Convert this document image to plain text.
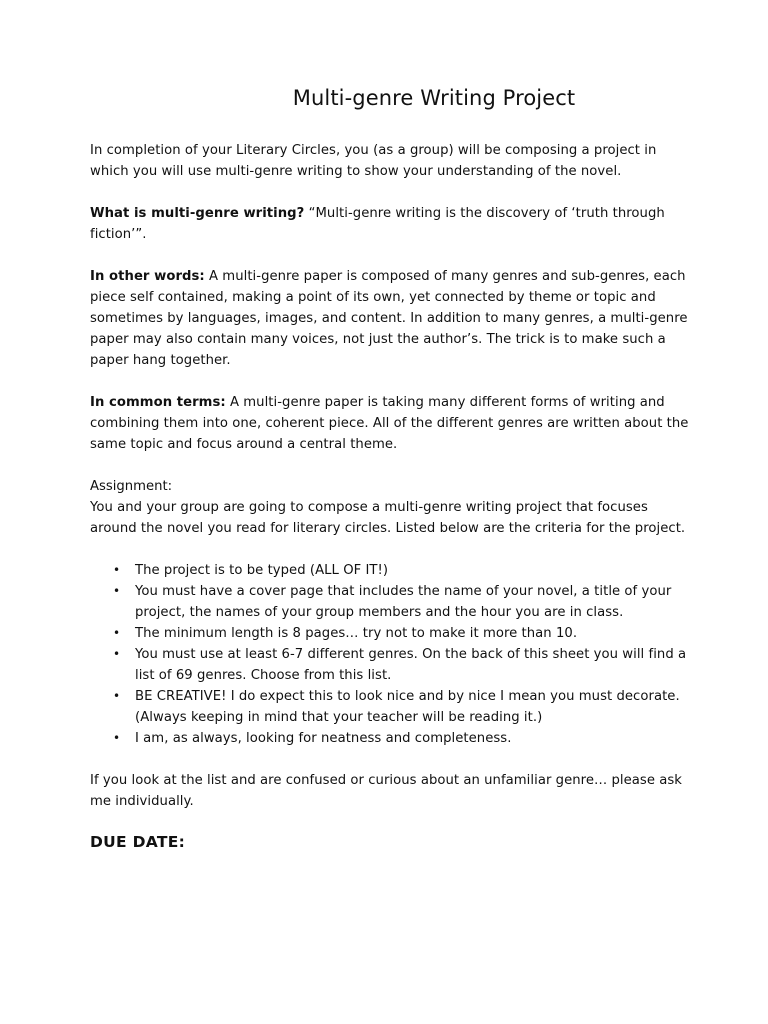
Multi-genre Writing Project

In completion of your Literary Circles, you (as a group) will be composing a project in which you will use multi-genre writing to show your understanding of the novel.

What is multi-genre writing? “Multi-genre writing is the discovery of ‘truth through fiction’”.

In other words: A multi-genre paper is composed of many genres and sub-genres, each piece self contained, making a point of its own, yet connected by theme or topic and sometimes by languages, images, and content. In addition to many genres, a multi-genre paper may also contain many voices, not just the author’s. The trick is to make such a paper hang together.

In common terms: A multi-genre paper is taking many different forms of writing and combining them into one, coherent piece. All of the different genres are written about the same topic and focus around a central theme.

Assignment:

You and your group are going to compose a multi-genre writing project that focuses around the novel you read for literary circles. Listed below are the criteria for the project.

• The project is to be typed (ALL OF IT!)
• You must have a cover page that includes the name of your novel, a title of your project, the names of your group members and the hour you are in class.
• The minimum length is 8 pages… try not to make it more than 10.
• You must use at least 6-7 different genres. On the back of this sheet you will find a list of 69 genres. Choose from this list.
• BE CREATIVE! I do expect this to look nice and by nice I mean you must decorate. (Always keeping in mind that your teacher will be reading it.)
• I am, as always, looking for neatness and completeness.

If you look at the list and are confused or curious about an unfamiliar genre… please ask me individually.

DUE DATE:
